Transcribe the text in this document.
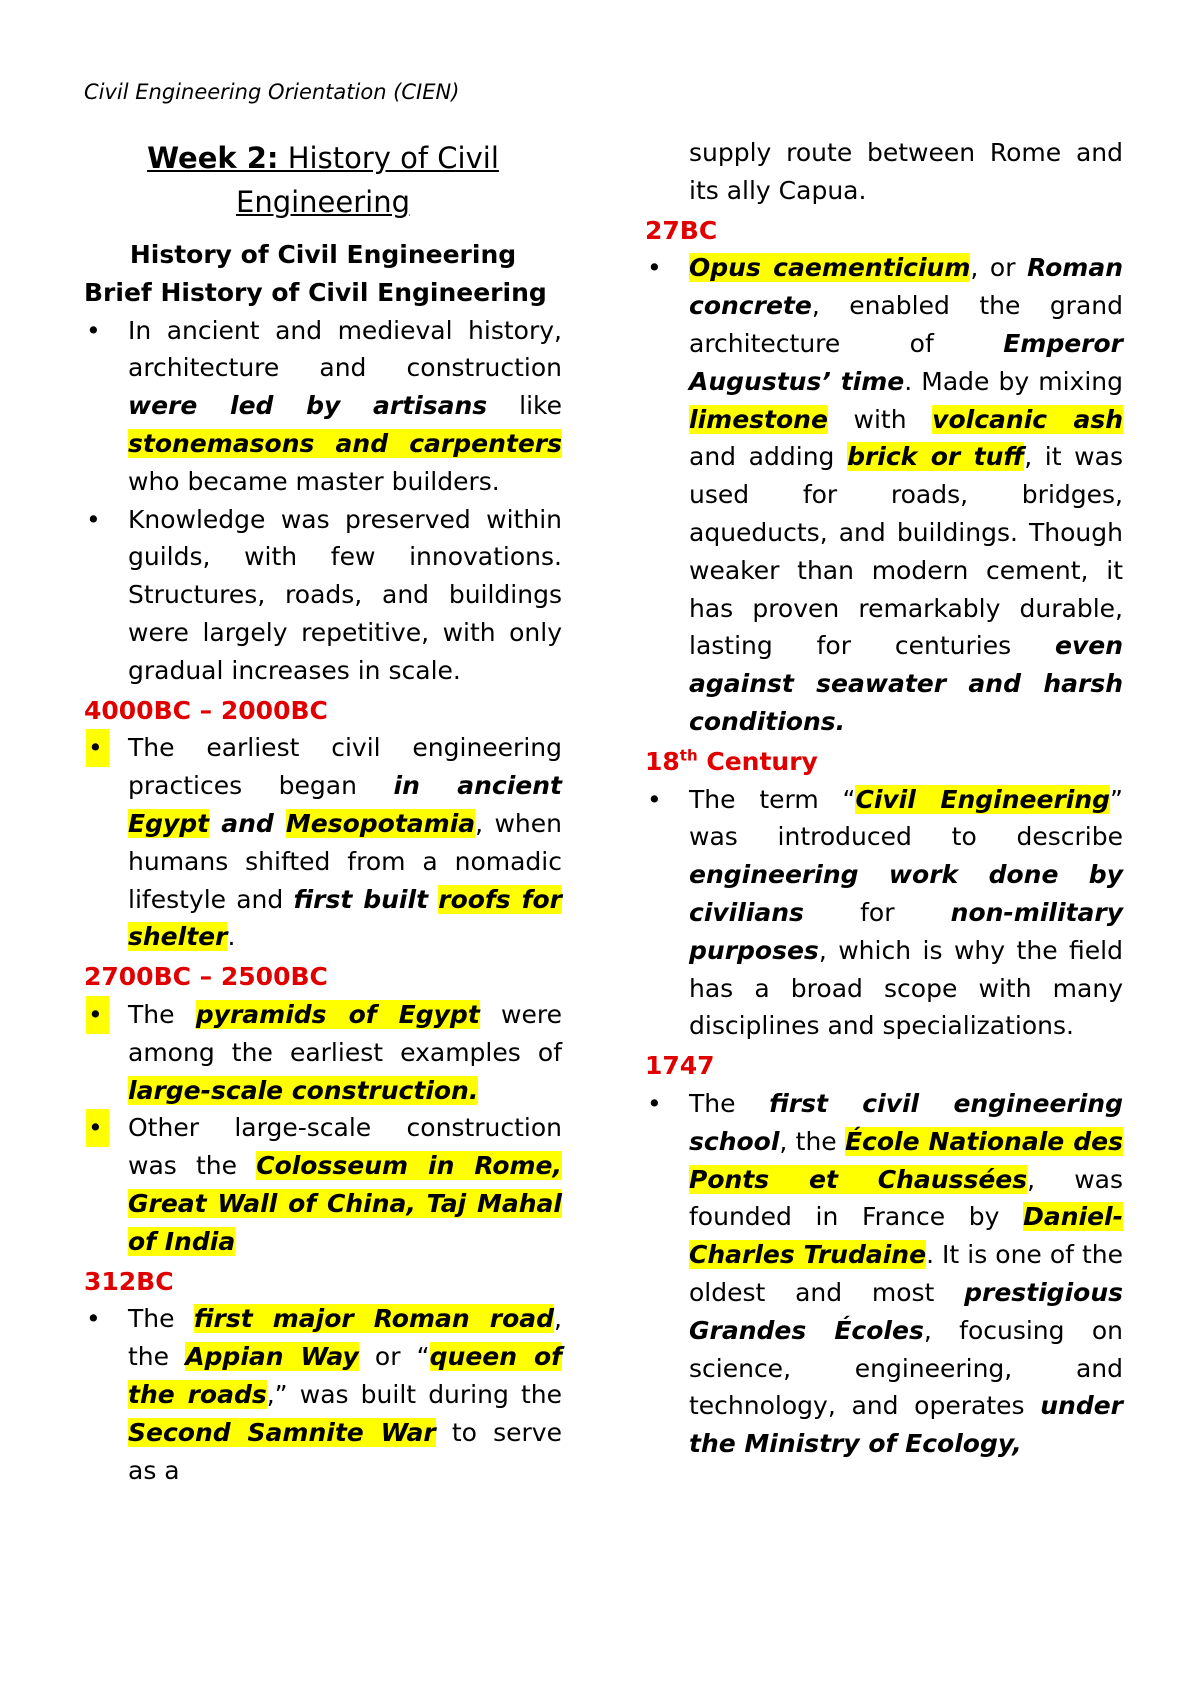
Civil Engineering Orientation (CIEN)
Week 2: History of Civil Engineering

History of Civil Engineering

Brief History of Civil Engineering

• In ancient and medieval history, architecture and construction were led by artisans like stonemasons and carpenters who became master builders.
• Knowledge was preserved within guilds, with few innovations. Structures, roads, and buildings were largely repetitive, with only gradual increases in scale.

4000BC – 2000BC

• The earliest civil engineering practices began in ancient Egypt and Mesopotamia, when humans shifted from a nomadic lifestyle and first built roofs for shelter.

2700BC – 2500BC

• The pyramids of Egypt were among the earliest examples of large-scale construction.
• Other large-scale construction was the Colosseum in Rome, Great Wall of China, Taj Mahal of India

312BC

• The first major Roman road, the Appian Way or “queen of the roads,” was built during the Second Samnite War to serve as a

supply route between Rome and its ally Capua.

27BC

• Opus caementicium, or Roman concrete, enabled the grand architecture of Emperor Augustus’ time. Made by mixing limestone with volcanic ash and adding brick or tuff, it was used for roads, bridges, aqueducts, and buildings. Though weaker than modern cement, it has proven remarkably durable, lasting for centuries even against seawater and harsh conditions.

18th Century

• The term “Civil Engineering” was introduced to describe engineering work done by civilians for non-military purposes, which is why the field has a broad scope with many disciplines and specializations.

1747

• The first civil engineering school, the École Nationale des Ponts et Chaussées, was founded in France by Daniel-Charles Trudaine. It is one of the oldest and most prestigious Grandes Écoles, focusing on science, engineering, and technology, and operates under the Ministry of Ecology,
